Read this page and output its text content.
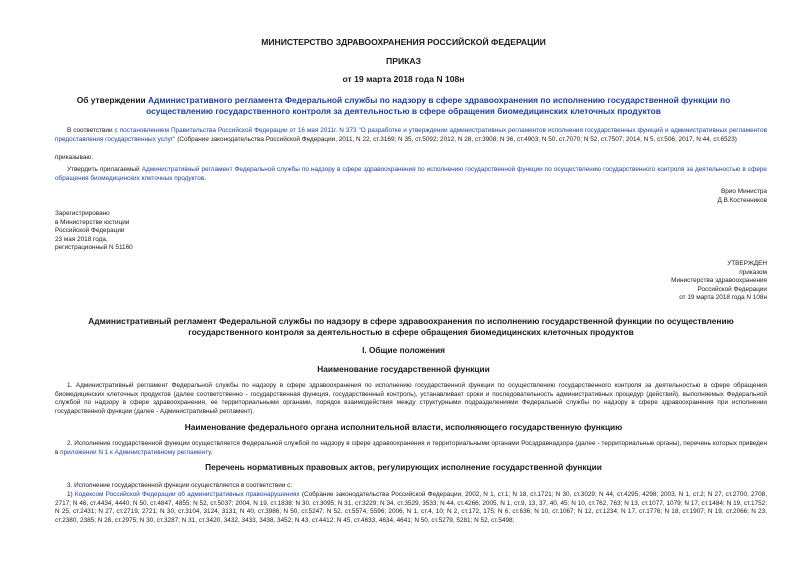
МИНИСТЕРСТВО ЗДРАВООХРАНЕНИЯ РОССИЙСКОЙ ФЕДЕРАЦИИ
ПРИКАЗ
от 19 марта 2018 года N 108н
Об утверждении Административного регламента Федеральной службы по надзору в сфере здравоохранения по исполнению государственной функции по осуществлению государственного контроля за деятельностью в сфере обращения биомедицинских клеточных продуктов
В соответствии с постановлением Правительства Российской Федерации от 16 мая 2011г. N 373 "О разработке и утверждении административных регламентов исполнения государственных функций и административных регламентов предоставления государственных услуг" (Собрание законодательства Российской Федерации, 2011, N 22, ст.3169; N 35, ст.5092; 2012, N 28, ст.3908; N 36, ст.4903; N 50, ст.7070; N 52, ст.7507; 2014, N 5, ст.506; 2017, N 44, ст.6523)
приказываю:
Утвердить прилагаемый Административный регламент Федеральной службы по надзору в сфере здравоохранения по исполнению государственной функции по осуществлению государственного контроля за деятельностью в сфере обращения биомедицинских клеточных продуктов.
Врио Министра
Д.В.Костенников
Зарегистрировано
в Министерстве юстиции
Российской Федерации
23 мая 2018 года,
регистрационный N 51160
УТВЕРЖДЕН
приказом
Министерства здравоохранения
Российской Федерации
от 19 марта 2018 года N 108н
Административный регламент Федеральной службы по надзору в сфере здравоохранения по исполнению государственной функции по осуществлению государственного контроля за деятельностью в сфере обращения биомедицинских клеточных продуктов
I. Общие положения
Наименование государственной функции
1. Административный регламент Федеральной службы по надзору в сфере здравоохранения по исполнению государственной функции по осуществлению государственного контроля за деятельностью в сфере обращения биомедицинских клеточных продуктов (далее соответственно - государственная функция, государственный контроль), устанавливает сроки и последовательность административных процедур (действий), выполняемых Федеральной службой по надзору в сфере здравоохранения, ее территориальными органами, порядок взаимодействия между структурными подразделениями Федеральной службы по надзору в сфере здравоохранения при исполнении государственной функции (далее - Административный регламент).
Наименование федерального органа исполнительной власти, исполняющего государственную функцию
2. Исполнение государственной функции осуществляется Федеральной службой по надзору в сфере здравоохранения и территориальными органами Росздравнадзора (далее - территориальные органы), перечень которых приведен в приложении N 1 к Административному регламенту.
Перечень нормативных правовых актов, регулирующих исполнение государственной функции
3. Исполнение государственной функции осуществляется в соответствии с:
1) Кодексом Российской Федерации об административных правонарушениях (Собрание законодательства Российской Федерации, 2002, N 1, ст.1; N 18, ст.1721; N 30, ст.3029; N 44, ст.4295, 4298; 2003, N 1, ст.2; N 27, ст.2700, 2708, 2717; N 46, ст.4434, 4440; N 50, ст.4847, 4855; N 52, ст.5037; 2004, N 19, ст.1838; N 30, ст.3095; N 31, ст.3229; N 34, ст.3529, 3533; N 44, ст.4266; 2005, N 1, ст.9, 13, 37, 40, 45; N 10, ст.762, 763; N 13, ст.1077, 1079; N 17, ст.1484; N 19, ст.1752; N 25, ст.2431; N 27, ст.2719, 2721; N 30, ст.3104, 3124, 3131; N 40, ст.3986; N 50, ст.5247; N 52, ст.5574, 5596; 2006, N 1, ст.4, 10; N 2, ст.172, 175; N 6, ст.636; N 10, ст.1067; N 12, ст.1234; N 17, ст.1776; N 18, ст.1907; N 19, ст.2066; N 23, ст.2380, 2385; N 28, ст.2975; N 30, ст.3287; N 31, ст.3420, 3432, 3433, 3438, 3452; N 43, ст.4412; N 45, ст.4633, 4634, 4641; N 50, ст.5279, 5281; N 52, ст.5498;
